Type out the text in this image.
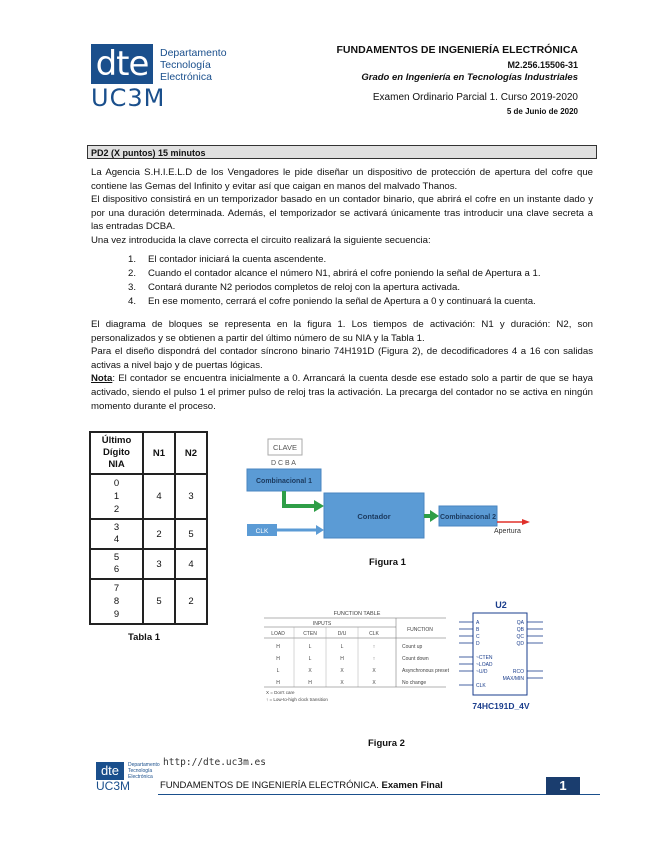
dte
UC3M
Departamento
Tecnología
Electrónica
FUNDAMENTOS DE INGENIERÍA ELECTRÓNICA
M2.256.15506-31
Grado en Ingeniería en Tecnologías Industriales
Examen Ordinario Parcial 1. Curso 2019-2020
5 de Junio de 2020
PD2 (X puntos) 15 minutos

La Agencia S.H.I.E.L.D de los Vengadores le pide diseñar un dispositivo de protección de apertura del cofre que contiene las Gemas del Infinito y evitar así que caigan en manos del malvado Thanos.

El dispositivo consistirá en un temporizador basado en un contador binario, que abrirá el cofre en un instante dado y por una duración determinada. Además, el temporizador se activará únicamente tras introducir una clave secreta a las entradas DCBA.

Una vez introducida la clave correcta el circuito realizará la siguiente secuencia:

1.	El contador iniciará la cuenta ascendente.
2.	Cuando el contador alcance el número N1, abrirá el cofre poniendo la señal de Apertura a 1.
3.	Contará durante N2 periodos completos de reloj con la apertura activada.
4.	En ese momento, cerrará el cofre poniendo la señal de Apertura a 0 y continuará la cuenta.

El diagrama de bloques se representa en la figura 1. Los tiempos de activación: N1 y duración: N2, son personalizados y se obtienen a partir del último número de su NIA y la Tabla 1.

Para el diseño dispondrá del contador síncrono binario 74H191D (Figura 2), de decodificadores 4 a 16 con salidas activas a nivel bajo y de puertas lógicas.

Nota: El contador se encuentra inicialmente a 0. Arrancará la cuenta desde ese estado solo a partir de que se haya activado, siendo el pulso 1 el primer pulso de reloj tras la activación. La precarga del contador no se activa en ningún momento durante el proceso.

Último Dígito NIA	N1	N2

0
1
2	4	3

3
4	2	5

5
6	3	4

7
8
9	5	2
Tabla 1
CLAVE
D C B A
Combinacional 1
Contador
CLK
Combinacional 2
Apertura
Figura 1
FUNCTION TABLE
INPUTS
FUNCTION
LOAD	CTEN	D/U	CLK
H	L	L	↑	Count up
H	L	H	↑	Count down
L	X	X	X	Asynchronous preset
H	H	X	X	No change
X = Don't care
↑ = Low-to-high clock transition
U2
A
B
C
D
~CTEN
~LOAD
~U/D
CLK
QA
QB
QC
QD
RCO
MAX/MIN
74HC191D_4V
Figura 2
dte
UC3M
Departamento
Tecnología
Electrónica
http://dte.uc3m.es
FUNDAMENTOS DE INGENIERÍA ELECTRÓNICA. Examen Final	1
